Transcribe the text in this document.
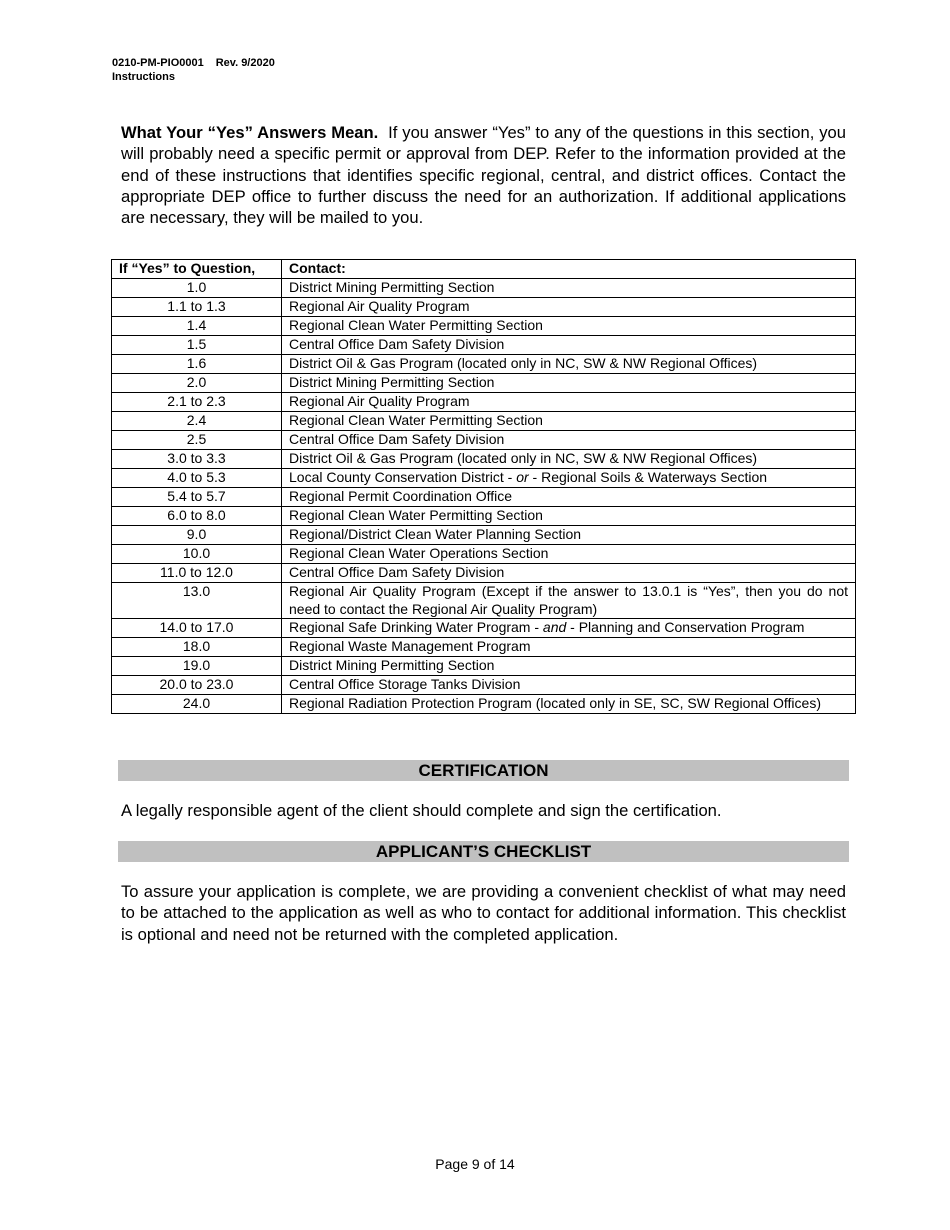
0210-PM-PIO0001 Rev. 9/2020
Instructions

What Your “Yes” Answers Mean. If you answer “Yes” to any of the questions in this section, you will probably need a specific permit or approval from DEP. Refer to the information provided at the end of these instructions that identifies specific regional, central, and district offices. Contact the appropriate DEP office to further discuss the need for an authorization. If additional applications are necessary, they will be mailed to you.

If “Yes” to Question,	Contact:
1.0	District Mining Permitting Section
1.1 to 1.3	Regional Air Quality Program
1.4	Regional Clean Water Permitting Section
1.5	Central Office Dam Safety Division
1.6	District Oil & Gas Program (located only in NC, SW & NW Regional Offices)
2.0	District Mining Permitting Section
2.1 to 2.3	Regional Air Quality Program
2.4	Regional Clean Water Permitting Section
2.5	Central Office Dam Safety Division
3.0 to 3.3	District Oil & Gas Program (located only in NC, SW & NW Regional Offices)
4.0 to 5.3	Local County Conservation District - or - Regional Soils & Waterways Section
5.4 to 5.7	Regional Permit Coordination Office
6.0 to 8.0	Regional Clean Water Permitting Section
9.0	Regional/District Clean Water Planning Section
10.0	Regional Clean Water Operations Section
11.0 to 12.0	Central Office Dam Safety Division
13.0	Regional Air Quality Program (Except if the answer to 13.0.1 is “Yes”, then you do not need to contact the Regional Air Quality Program)
14.0 to 17.0	Regional Safe Drinking Water Program - and - Planning and Conservation Program
18.0	Regional Waste Management Program
19.0	District Mining Permitting Section
20.0 to 23.0	Central Office Storage Tanks Division
24.0	Regional Radiation Protection Program (located only in SE, SC, SW Regional Offices)
CERTIFICATION

A legally responsible agent of the client should complete and sign the certification.

APPLICANT’S CHECKLIST

To assure your application is complete, we are providing a convenient checklist of what may need to be attached to the application as well as who to contact for additional information. This checklist is optional and need not be returned with the completed application.

Page 9 of 14
